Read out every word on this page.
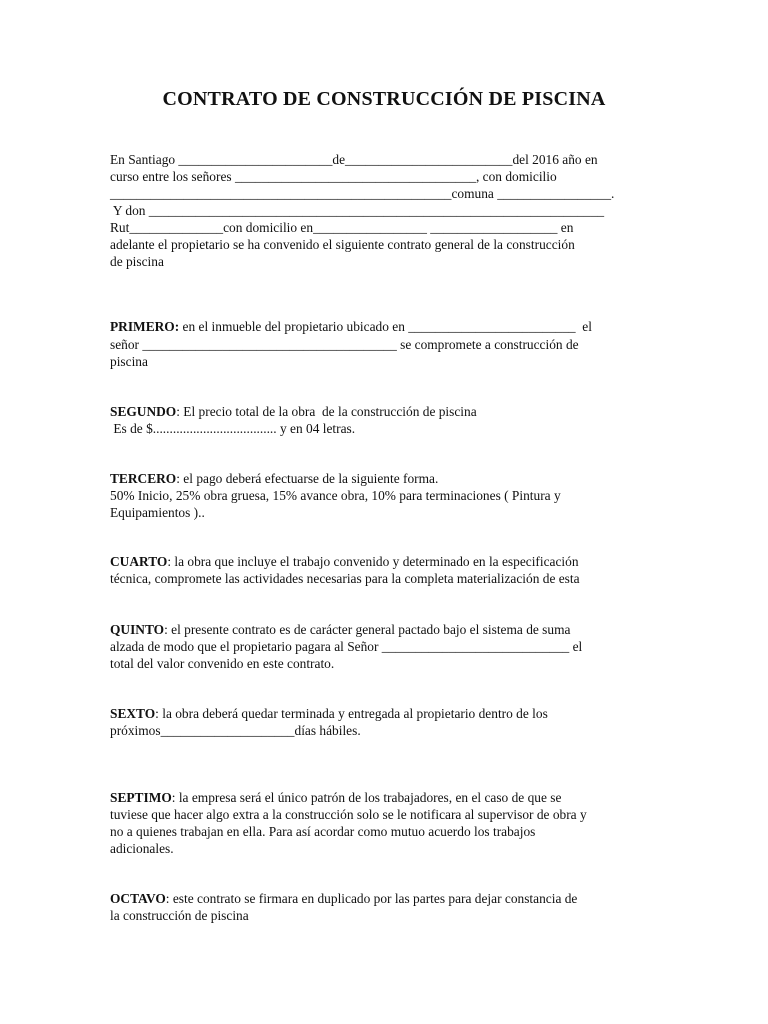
CONTRATO DE CONSTRUCCIÓN DE PISCINA
En Santiago _______________________de_________________________del 2016 año en
curso entre los señores ____________________________________, con domicilio
___________________________________________________comuna _________________.
Y don ____________________________________________________________________
Rut______________con domicilio en_________________ ___________________ en
adelante el propietario se ha convenido el siguiente contrato general de la construcción
de piscina
PRIMERO: en el inmueble del propietario ubicado en _________________________  el
señor ______________________________________ se compromete a construcción de
piscina
SEGUNDO: El precio total de la obra  de la construcción de piscina
Es de $..................................... y en 04 letras.
TERCERO: el pago deberá efectuarse de la siguiente forma.
50% Inicio, 25% obra gruesa, 15% avance obra, 10% para terminaciones ( Pintura y
Equipamientos )..
CUARTO: la obra que incluye el trabajo convenido y determinado en la especificación
técnica, compromete las actividades necesarias para la completa materialización de esta
QUINTO: el presente contrato es de carácter general pactado bajo el sistema de suma
alzada de modo que el propietario pagara al Señor ____________________________ el
total del valor convenido en este contrato.
SEXTO: la obra deberá quedar terminada y entregada al propietario dentro de los
próximos____________________días hábiles.
SEPTIMO: la empresa será el único patrón de los trabajadores, en el caso de que se
tuviese que hacer algo extra a la construcción solo se le notificara al supervisor de obra y
no a quienes trabajan en ella. Para así acordar como mutuo acuerdo los trabajos
adicionales.
OCTAVO: este contrato se firmara en duplicado por las partes para dejar constancia de
la construcción de piscina
